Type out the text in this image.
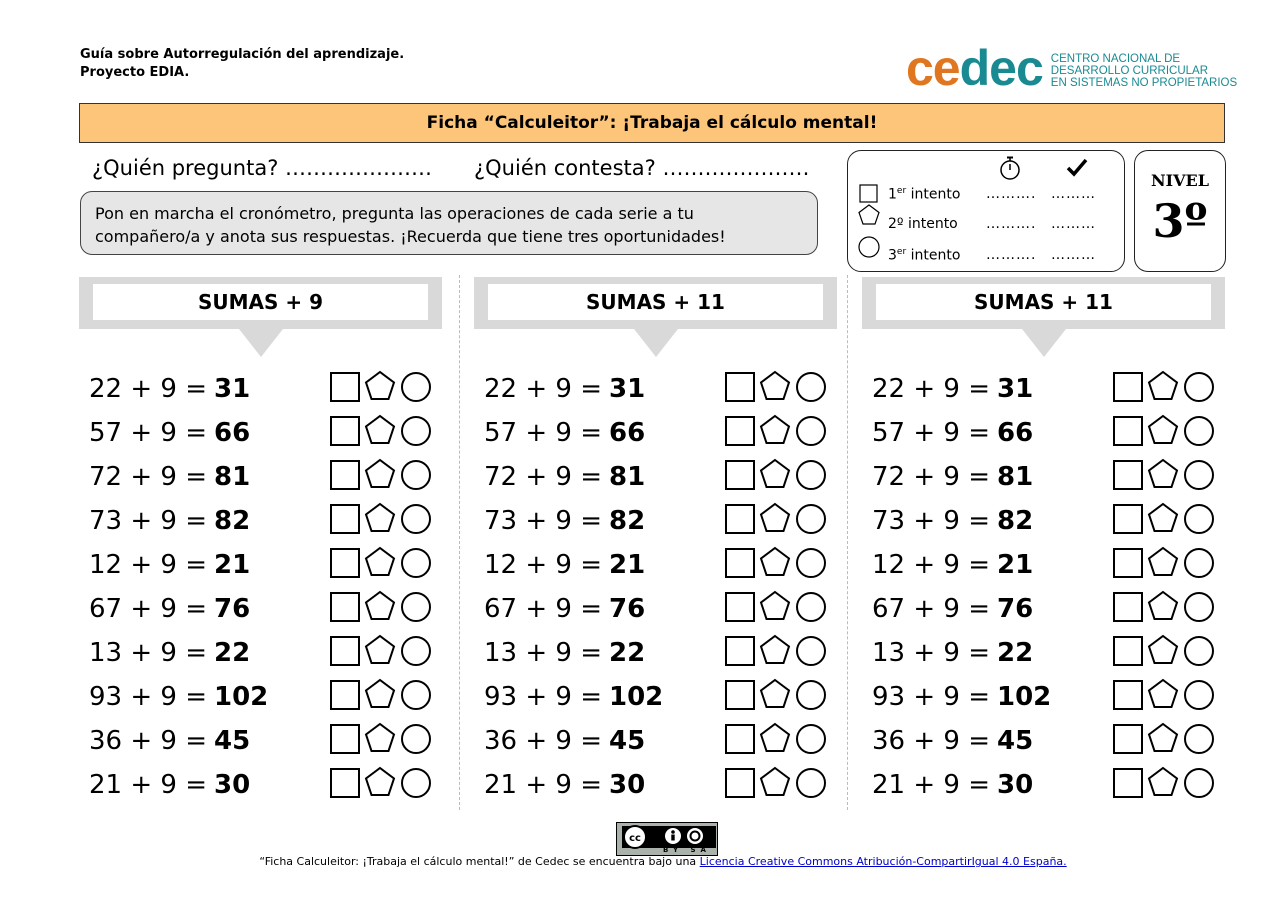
Guía sobre Autorregulación del aprendizaje.
Proyecto EDIA.	cedec CENTRO NACIONAL DE
DESARROLLO CURRICULAR
EN SISTEMAS NO PROPIETARIOS
Ficha “Calculeitor”: ¡Trabaja el cálculo mental!
¿Quién pregunta? ………………… ¿Quién contesta? …………………
Pon en marcha el cronómetro, pregunta las operaciones de cada serie a tu compañero/a y anota sus respuestas. ¡Recuerda que tiene tres oportunidades!
1er intento ………. ………
2º intento ………. ………
3er intento ………. ………
NIVEL
3º
SUMAS + 9
22 + 9 = 31
57 + 9 = 66
72 + 9 = 81
73 + 9 = 82
12 + 9 = 21
67 + 9 = 76
13 + 9 = 22
93 + 9 = 102
36 + 9 = 45
21 + 9 = 30
SUMAS + 11
22 + 9 = 31
57 + 9 = 66
72 + 9 = 81
73 + 9 = 82
12 + 9 = 21
67 + 9 = 76
13 + 9 = 22
93 + 9 = 102
36 + 9 = 45
21 + 9 = 30
SUMAS + 11
22 + 9 = 31
57 + 9 = 66
72 + 9 = 81
73 + 9 = 82
12 + 9 = 21
67 + 9 = 76
13 + 9 = 22
93 + 9 = 102
36 + 9 = 45
21 + 9 = 30
cc
BY SA
“Ficha Calculeitor: ¡Trabaja el cálculo mental!” de Cedec se encuentra bajo una Licencia Creative Commons Atribución-CompartirIgual 4.0 España.
